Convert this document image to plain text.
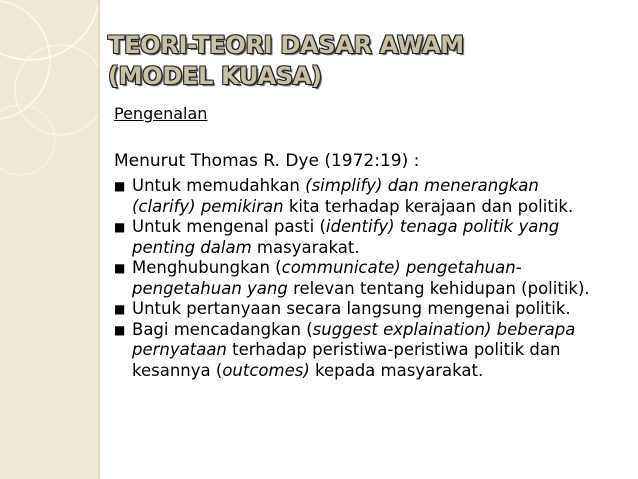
TEORI-TEORI DASAR AWAM
(MODEL KUASA)
Pengenalan
Menurut Thomas R. Dye (1972:19) :
■ Untuk memudahkan (simplify) dan menerangkan
(clarify) pemikiran kita terhadap kerajaan dan politik.
■ Untuk mengenal pasti (identify) tenaga politik yang
penting dalam masyarakat.
■ Menghubungkan (communicate) pengetahuan-
pengetahuan yang relevan tentang kehidupan (politik).
■ Untuk pertanyaan secara langsung mengenai politik.
■ Bagi mencadangkan (suggest explaination) beberapa
pernyataan terhadap peristiwa-peristiwa politik dan
kesannya (outcomes) kepada masyarakat.
